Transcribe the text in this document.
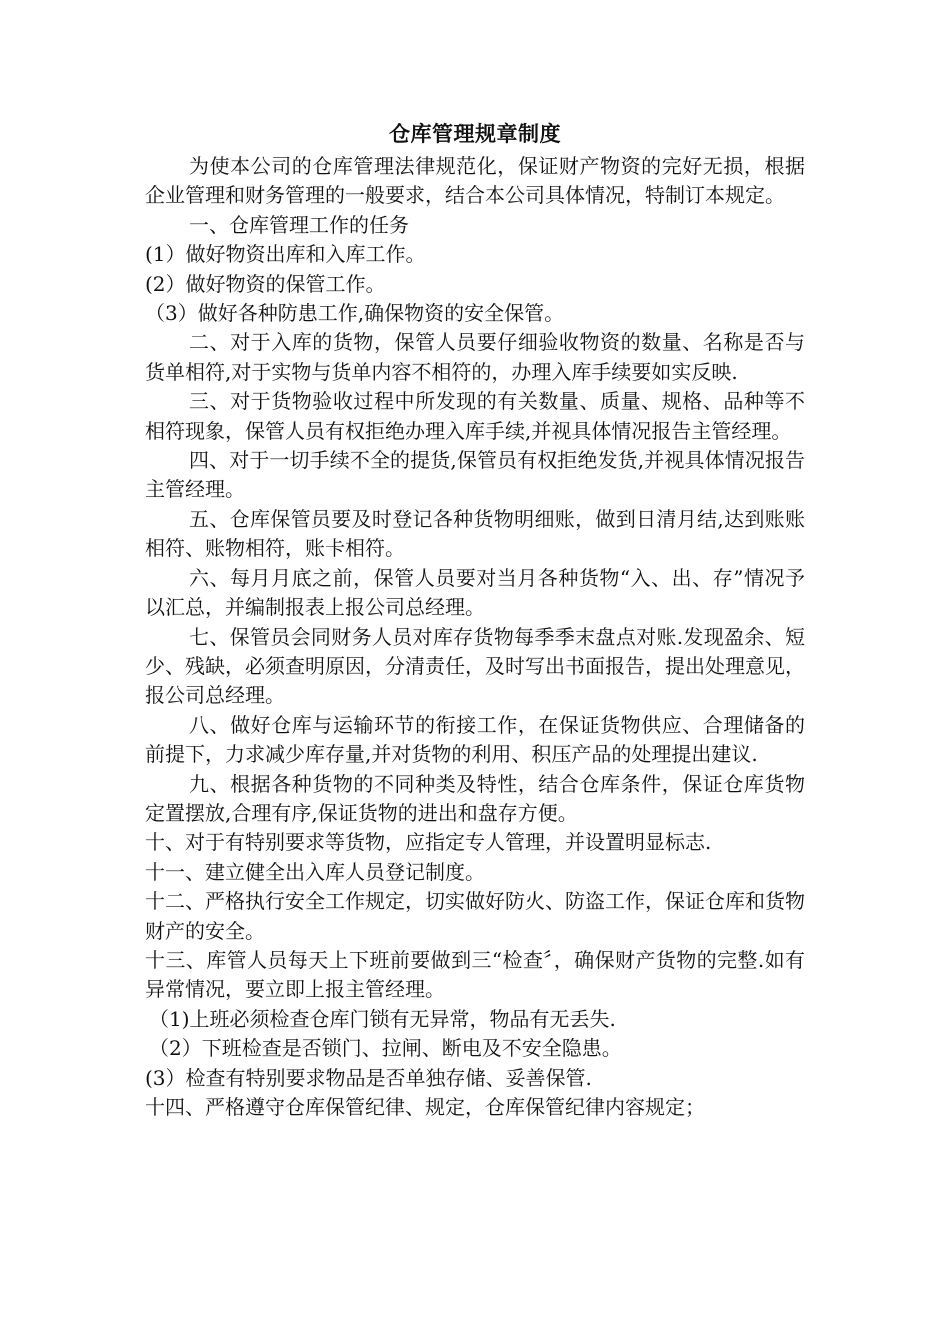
仓库管理规章制度
为使本公司的仓库管理法律规范化，保证财产物资的完好无损，根据企业管理和财务管理的一般要求，结合本公司具体情况，特制订本规定。
一、仓库管理工作的任务
(1）做好物资出库和入库工作。
(2）做好物资的保管工作。
（3）做好各种防患工作,确保物资的安全保管。
二、对于入库的货物，保管人员要仔细验收物资的数量、名称是否与货单相符,对于实物与货单内容不相符的，办理入库手续要如实反映.
三、对于货物验收过程中所发现的有关数量、质量、规格、品种等不相符现象，保管人员有权拒绝办理入库手续,并视具体情况报告主管经理。
四、对于一切手续不全的提货,保管员有权拒绝发货,并视具体情况报告主管经理。
五、仓库保管员要及时登记各种货物明细账，做到日清月结,达到账账相符、账物相符，账卡相符。
六、每月月底之前，保管人员要对当月各种货物“入、出、存”情况予以汇总，并编制报表上报公司总经理。
七、保管员会同财务人员对库存货物每季季末盘点对账.发现盈余、短少、残缺，必须查明原因，分清责任，及时写出书面报告，提出处理意见，报公司总经理。
八、做好仓库与运输环节的衔接工作，在保证货物供应、合理储备的前提下，力求减少库存量,并对货物的利用、积压产品的处理提出建议.
九、根据各种货物的不同种类及特性，结合仓库条件，保证仓库货物定置摆放,合理有序,保证货物的进出和盘存方便。
十、对于有特别要求等货物，应指定专人管理，并设置明显标志.
十一、建立健全出入库人员登记制度。
十二、严格执行安全工作规定，切实做好防火、防盗工作，保证仓库和货物财产的安全。
十三、库管人员每天上下班前要做到三“检查〞，确保财产货物的完整.如有异常情况，要立即上报主管经理。
（1)上班必须检查仓库门锁有无异常，物品有无丢失.
（2）下班检查是否锁门、拉闸、断电及不安全隐患。
(3）检查有特别要求物品是否单独存储、妥善保管.
十四、严格遵守仓库保管纪律、规定，仓库保管纪律内容规定；
